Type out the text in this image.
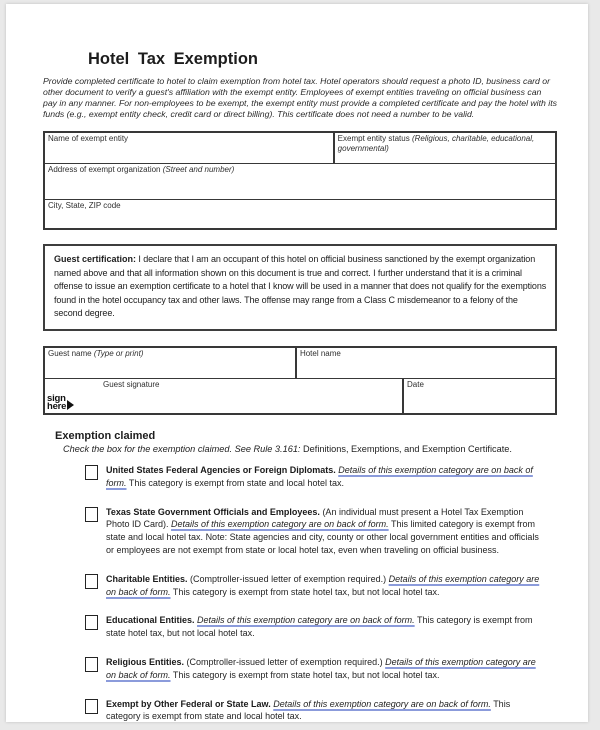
Hotel Tax Exemption

Provide completed certificate to hotel to claim exemption from hotel tax. Hotel operators should request a photo ID, business card or other document to verify a guest's affiliation with the exempt entity. Employees of exempt entities traveling on official business can pay in any manner. For non-employees to be exempt, the exempt entity must provide a completed certificate and pay the hotel with its funds (e.g., exempt entity check, credit card or direct billing). This certificate does not need a number to be valid.

Name of exempt entity	Exempt entity status (Religious, charitable, educational, governmental)
Address of exempt organization (Street and number)
City, State, ZIP code
Guest certification: I declare that I am an occupant of this hotel on official business sanctioned by the exempt organization named above and that all information shown on this document is true and correct. I further understand that it is a criminal offense to issue an exemption certificate to a hotel that I know will be used in a manner that does not qualify for the exemptions found in the hotel occupancy tax and other laws. The offense may range from a Class C misdemeanor to a felony of the second degree.
Guest name (Type or print)	Hotel name
Guest signature
sign
here
Date
Exemption claimed

Check the box for the exemption claimed. See Rule 3.161: Definitions, Exemptions, and Exemption Certificate.

United States Federal Agencies or Foreign Diplomats. Details of this exemption category are on back of form. This category is exempt from state and local hotel tax.

Texas State Government Officials and Employees. (An individual must present a Hotel Tax Exemption Photo ID Card). Details of this exemption category are on back of form. This limited category is exempt from state and local hotel tax. Note: State agencies and city, county or other local government entities and officials or employees are not exempt from state or local hotel tax, even when traveling on official business.

Charitable Entities. (Comptroller-issued letter of exemption required.) Details of this exemption category are on back of form. This category is exempt from state hotel tax, but not local hotel tax.

Educational Entities. Details of this exemption category are on back of form. This category is exempt from state hotel tax, but not local hotel tax.

Religious Entities. (Comptroller-issued letter of exemption required.) Details of this exemption category are on back of form. This category is exempt from state hotel tax, but not local hotel tax.

Exempt by Other Federal or State Law. Details of this exemption category are on back of form. This category is exempt from state and local hotel tax.
